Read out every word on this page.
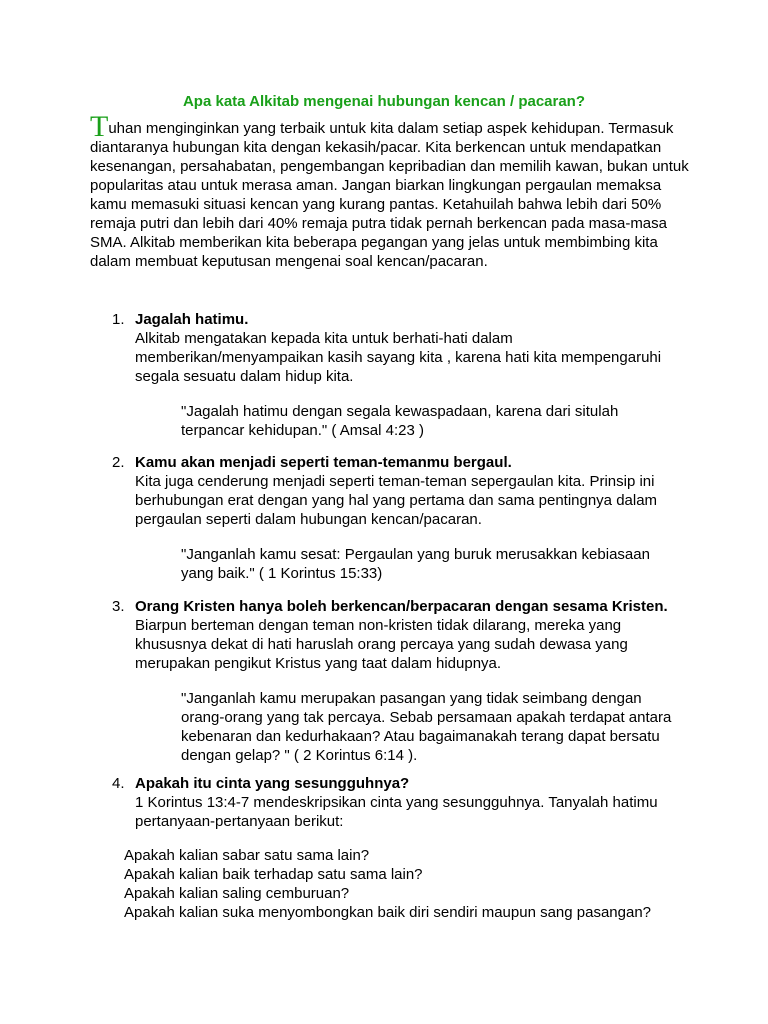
Apa kata Alkitab mengenai hubungan kencan / pacaran?
Tuhan menginginkan yang terbaik untuk kita dalam setiap aspek kehidupan. Termasuk diantaranya hubungan kita dengan kekasih/pacar. Kita berkencan untuk mendapatkan kesenangan, persahabatan, pengembangan kepribadian dan memilih kawan, bukan untuk popularitas atau untuk merasa aman. Jangan biarkan lingkungan pergaulan memaksa kamu memasuki situasi kencan yang kurang pantas. Ketahuilah bahwa lebih dari 50% remaja putri dan lebih dari 40% remaja putra tidak pernah berkencan pada masa-masa SMA. Alkitab memberikan kita beberapa pegangan yang jelas untuk membimbing kita dalam membuat keputusan mengenai soal kencan/pacaran.
1. Jagalah hatimu.
Alkitab mengatakan kepada kita untuk berhati-hati dalam memberikan/menyampaikan kasih sayang kita , karena hati kita mempengaruhi segala sesuatu dalam hidup kita.
"Jagalah hatimu dengan segala kewaspadaan, karena dari situlah terpancar kehidupan." ( Amsal 4:23 )
2. Kamu akan menjadi seperti teman-temanmu bergaul.
Kita juga cenderung menjadi seperti teman-teman sepergaulan kita. Prinsip ini berhubungan erat dengan yang hal yang pertama dan sama pentingnya dalam pergaulan seperti dalam hubungan kencan/pacaran.
"Janganlah kamu sesat: Pergaulan yang buruk merusakkan kebiasaan yang baik." ( 1 Korintus 15:33)
3. Orang Kristen hanya boleh berkencan/berpacaran dengan sesama Kristen.
Biarpun berteman dengan teman non-kristen tidak dilarang, mereka yang khususnya dekat di hati haruslah orang percaya yang sudah dewasa yang merupakan pengikut Kristus yang taat dalam hidupnya.
"Janganlah kamu merupakan pasangan yang tidak seimbang dengan orang-orang yang tak percaya. Sebab persamaan apakah terdapat antara kebenaran dan kedurhakaan? Atau bagaimanakah terang dapat bersatu dengan gelap? " ( 2 Korintus 6:14 ).
4. Apakah itu cinta yang sesungguhnya?
1 Korintus 13:4-7 mendeskripsikan cinta yang sesungguhnya. Tanyalah hatimu pertanyaan-pertanyaan berikut:
Apakah kalian sabar satu sama lain?
Apakah kalian baik terhadap satu sama lain?
Apakah kalian saling cemburuan?
Apakah kalian suka menyombongkan baik diri sendiri maupun sang pasangan?
